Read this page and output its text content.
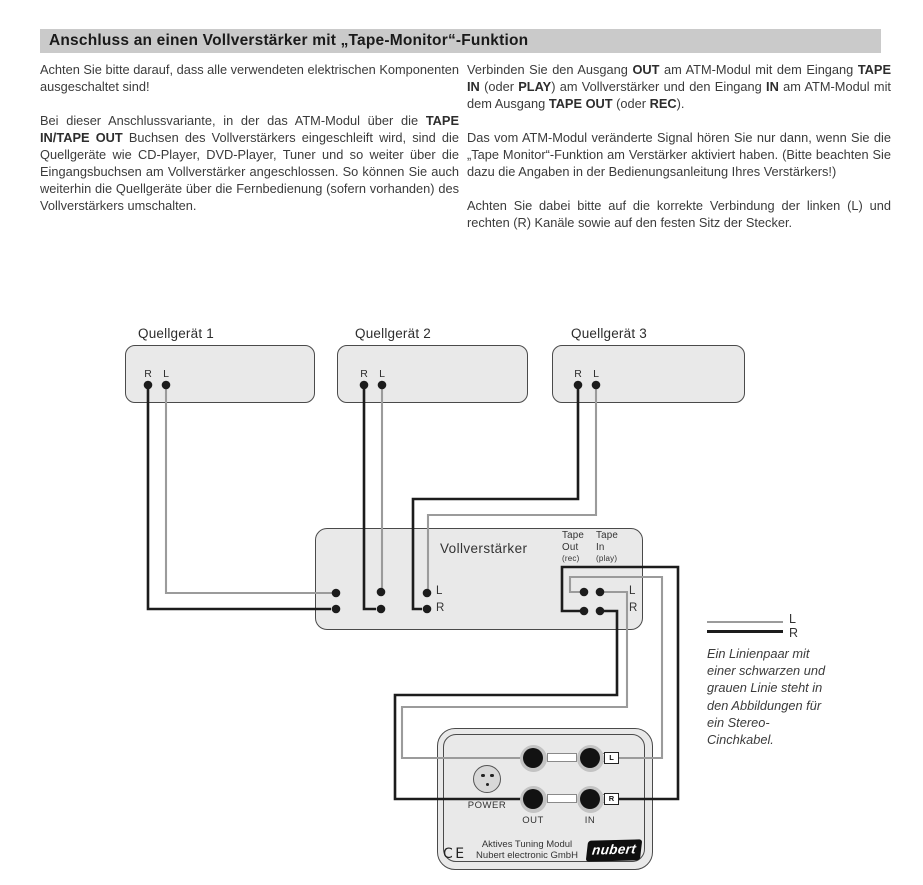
Anschluss an einen Vollverstärker mit „Tape-Monitor“-Funktion

Achten Sie bitte darauf, dass alle verwendeten elektrischen Komponenten ausgeschaltet sind!

Bei dieser Anschlussvariante, in der das ATM-Modul über die TAPE IN/TAPE OUT Buchsen des Vollverstärkers eingeschleift wird, sind die Quellgeräte wie CD-Player, DVD-Player, Tuner und so weiter über die Eingangsbuchsen am Vollverstärker angeschlossen. So können Sie auch weiterhin die Quellgeräte über die Fernbedienung (sofern vorhanden) des Vollverstärkers umschalten.

Verbinden Sie den Ausgang OUT am ATM-Modul mit dem Eingang TAPE IN (oder PLAY) am Vollverstärker und den Eingang IN am ATM-Modul mit dem Ausgang TAPE OUT (oder REC).

Das vom ATM-Modul veränderte Signal hören Sie nur dann, wenn Sie die „Tape Monitor“-Funktion am Verstärker aktiviert haben. (Bitte beachten Sie dazu die Angaben in der Bedienungsanleitung Ihres Verstärkers!)

Achten Sie dabei bitte auf die korrekte Verbindung der linken (L) und rechten (R) Kanäle sowie auf den festen Sitz der Stecker.

Quellgerät 1	Quellgerät 2	Quellgerät 3
R	L	R	L	R	L
Vollverstärker
Tape
Out
(rec)
Tape
In
(play)
L
R
L
R
L
R
POWER
OUT	IN
CE
Aktives Tuning Modul
Nubert electronic GmbH nubert
L
R
Ein Linienpaar mit einer schwarzen und grauen Linie steht in den Abbildungen für ein Stereo-Cinchkabel.
